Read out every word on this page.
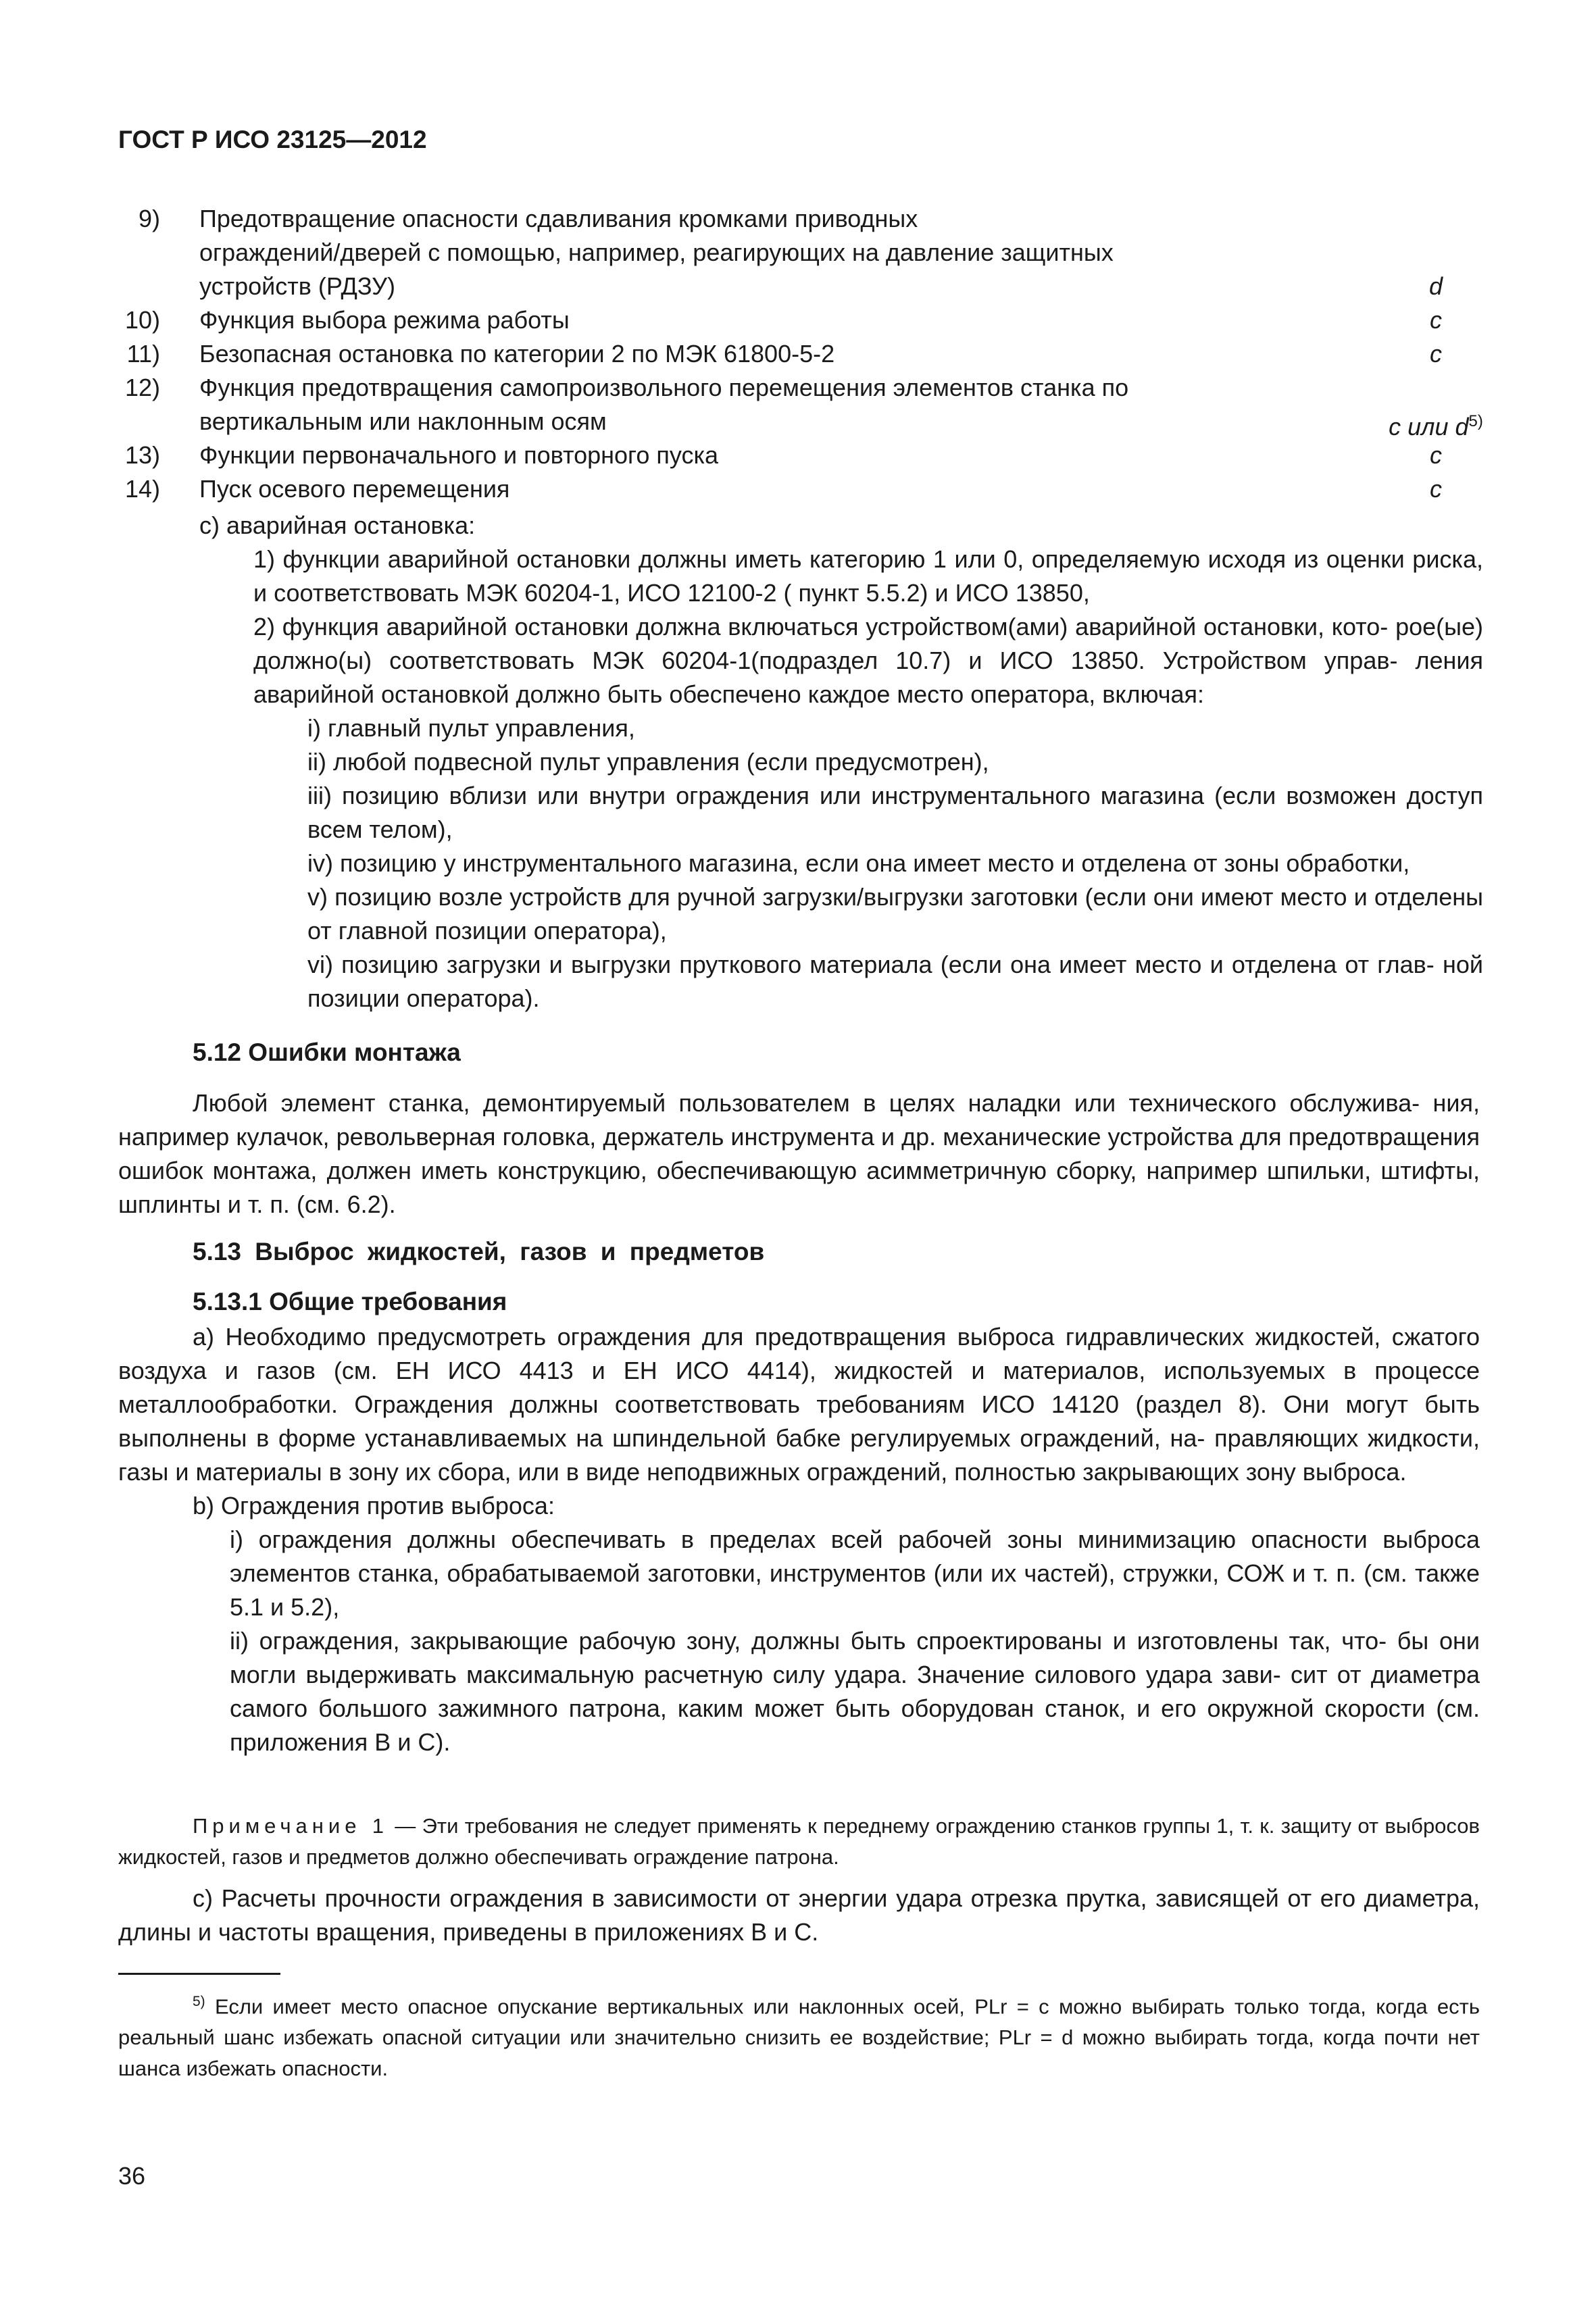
ГОСТ Р ИСО 23125—2012
9) Предотвращение опасности сдавливания кромками приводных
ограждений/дверей с помощью, например, реагирующих на давление защитных
устройств (РДЗУ)	d
10) Функция выбора режима работы	c
11) Безопасная остановка по категории 2 по МЭК 61800-5-2	c
12) Функция предотвращения самопроизвольного перемещения элементов станка по
вертикальным или наклонным осям	c или $d^{5)}$
13) Функции первоначального и повторного пуска	c
14) Пуск осевого перемещения	c
c) аварийная остановка:
1) функции аварийной остановки должны иметь категорию 1 или 0, определяемую исходя из оценки риска, и соответствовать МЭК 60204-1, ИСО 12100-2 ( пункт 5.5.2) и ИСО 13850,
2) функция аварийной остановки должна включаться устройством(ами) аварийной остановки, кото- рое(ые) должно(ы) соответствовать МЭК 60204-1(подраздел 10.7) и ИСО 13850. Устройством управ- ления аварийной остановкой должно быть обеспечено каждое место оператора, включая:
i) главный пульт управления,
ii) любой подвесной пульт управления (если предусмотрен),
iii) позицию вблизи или внутри ограждения или инструментального магазина (если возможен доступ всем телом),
iv) позицию у инструментального магазина, если она имеет место и отделена от зоны обработки,
v) позицию возле устройств для ручной загрузки/выгрузки заготовки (если они имеют место и отделены от главной позиции оператора),
vi) позицию загрузки и выгрузки пруткового материала (если она имеет место и отделена от глав- ной позиции оператора).
5.12 Ошибки монтажа
Любой элемент станка, демонтируемый пользователем в целях наладки или технического обслужива- ния, например кулачок, револьверная головка, держатель инструмента и др. механические устройства для предотвращения ошибок монтажа, должен иметь конструкцию, обеспечивающую асимметричную сборку, например шпильки, штифты, шплинты и т. п. (см. 6.2).
5.13 Выброс жидкостей, газов и предметов
5.13.1 Общие требования
a) Необходимо предусмотреть ограждения для предотвращения выброса гидравлических жидкостей, сжатого воздуха и газов (см. ЕН ИСО 4413 и ЕН ИСО 4414), жидкостей и материалов, используемых в процессе металлообработки. Ограждения должны соответствовать требованиям ИСО 14120 (раздел 8). Они могут быть выполнены в форме устанавливаемых на шпиндельной бабке регулируемых ограждений, на- правляющих жидкости, газы и материалы в зону их сбора, или в виде неподвижных ограждений, полностью закрывающих зону выброса.
b) Ограждения против выброса:
i) ограждения должны обеспечивать в пределах всей рабочей зоны минимизацию опасности выброса элементов станка, обрабатываемой заготовки, инструментов (или их частей), стружки, СОЖ и т. п. (см. также 5.1 и 5.2),
ii) ограждения, закрывающие рабочую зону, должны быть спроектированы и изготовлены так, что- бы они могли выдерживать максимальную расчетную силу удара. Значение силового удара зави- сит от диаметра самого большого зажимного патрона, каким может быть оборудован станок, и его окружной скорости (см. приложения В и С).
Примечание 1 — Эти требования не следует применять к переднему ограждению станков группы 1, т. к. защиту от выбросов жидкостей, газов и предметов должно обеспечивать ограждение патрона.
c) Расчеты прочности ограждения в зависимости от энергии удара отрезка прутка, зависящей от его диаметра, длины и частоты вращения, приведены в приложениях В и С.
$^{5)}$ Если имеет место опасное опускание вертикальных или наклонных осей, PLr = c можно выбирать только тогда, когда есть реальный шанс избежать опасной ситуации или значительно снизить ее воздействие; PLr = d можно выбирать тогда, когда почти нет шанса избежать опасности.
36
